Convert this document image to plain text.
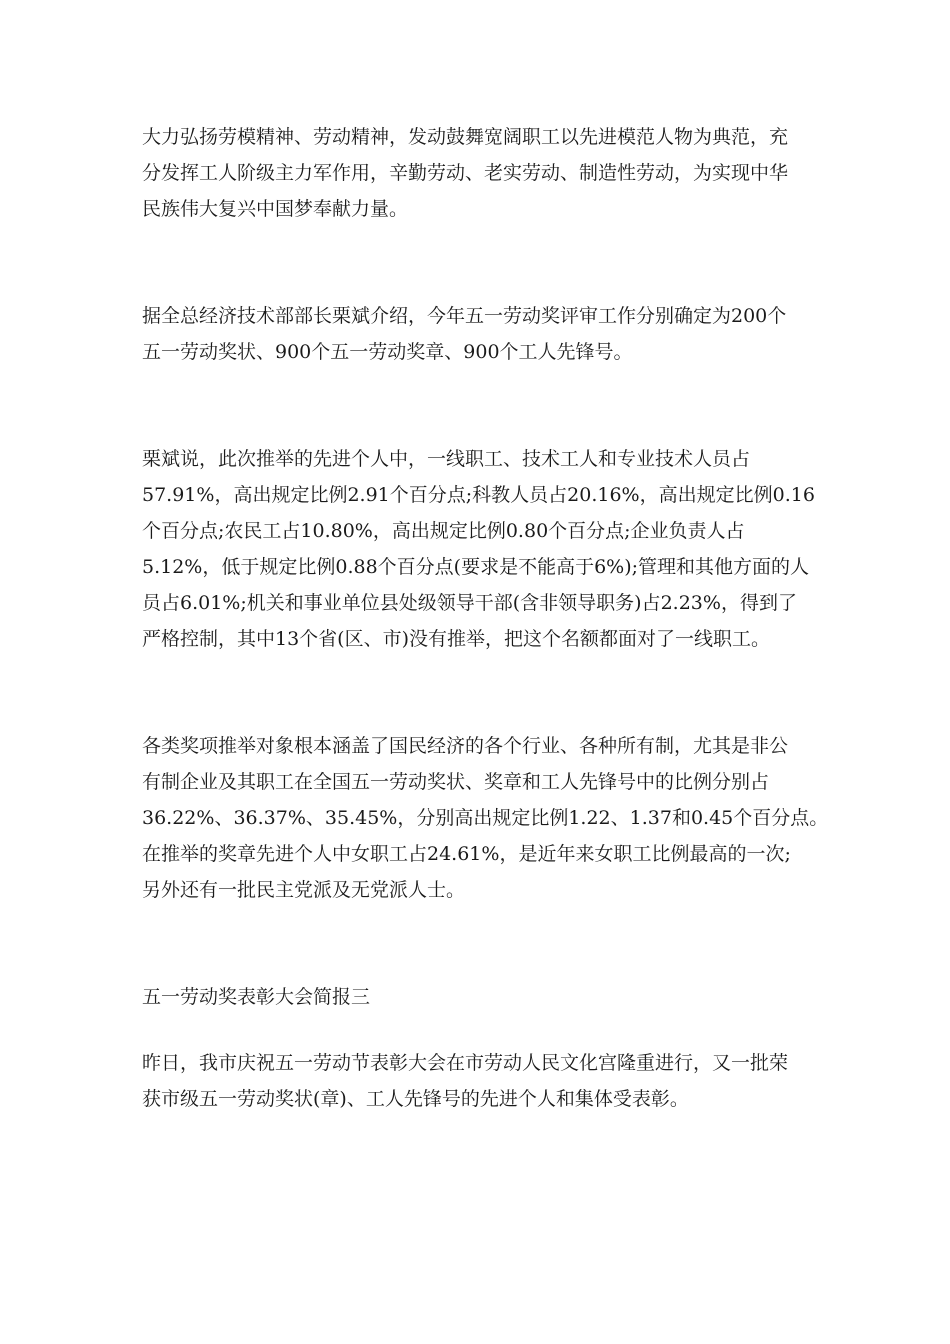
大力弘扬劳模精神、劳动精神，发动鼓舞宽阔职工以先进模范人物为典范，充

分发挥工人阶级主力军作用，辛勤劳动、老实劳动、制造性劳动，为实现中华

民族伟大复兴中国梦奉献力量。

据全总经济技术部部长栗斌介绍，今年五一劳动奖评审工作分别确定为200个

五一劳动奖状、900个五一劳动奖章、900个工人先锋号。

栗斌说，此次推举的先进个人中，一线职工、技术工人和专业技术人员占

57.91%，高出规定比例2.91个百分点;科教人员占20.16%，高出规定比例0.16

个百分点;农民工占10.80%，高出规定比例0.80个百分点;企业负责人占

5.12%，低于规定比例0.88个百分点(要求是不能高于6%);管理和其他方面的人

员占6.01%;机关和事业单位县处级领导干部(含非领导职务)占2.23%，得到了

严格控制，其中13个省(区、市)没有推举，把这个名额都面对了一线职工。

各类奖项推举对象根本涵盖了国民经济的各个行业、各种所有制，尤其是非公

有制企业及其职工在全国五一劳动奖状、奖章和工人先锋号中的比例分别占

36.22%、36.37%、35.45%，分别高出规定比例1.22、1.37和0.45个百分点。

在推举的奖章先进个人中女职工占24.61%，是近年来女职工比例最高的一次;

另外还有一批民主党派及无党派人士。

五一劳动奖表彰大会简报三

昨日，我市庆祝五一劳动节表彰大会在市劳动人民文化宫隆重进行，又一批荣

获市级五一劳动奖状(章)、工人先锋号的先进个人和集体受表彰。
